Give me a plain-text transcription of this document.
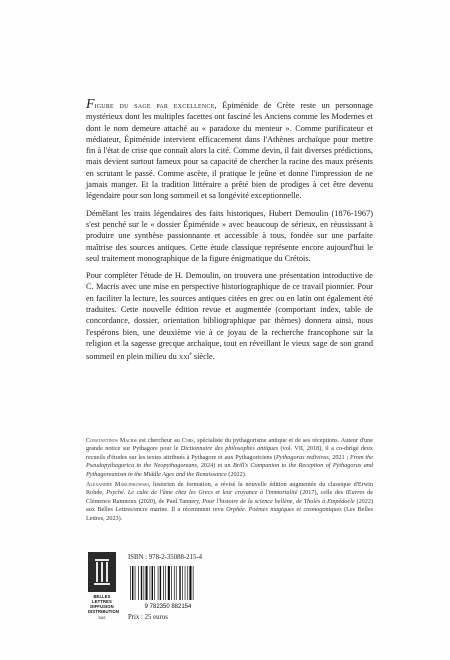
Figure du sage par excellence, Épiménide de Crète reste un personnage mystérieux dont les multiples facettes ont fasciné les Anciens comme les Modernes et dont le nom demeure attaché au « paradoxe du menteur ». Comme purificateur et médiateur, Épiménide intervient efficacement dans l'Athènes archaïque pour mettre fin à l'état de crise que connaît alors la cité. Comme devin, il fait diverses prédictions, mais devient surtout fameux pour sa capacité de chercher la racine des maux présents en scrutant le passé. Comme ascète, il pratique le jeûne et donne l'impression de ne jamais manger. Et la tradition littéraire a prêté bien de prodiges à cet être devenu légendaire pour son long sommeil et sa longévité exceptionnelle.

Démêlant les traits légendaires des faits historiques, Hubert Demoulin (1876-1967) s'est penché sur le « dossier Épiménide » avec beaucoup de sérieux, en réussissant à produire une synthèse passionnante et accessible à tous, fondée sur une parfaite maîtrise des sources antiques. Cette étude classique représente encore aujourd'hui le seul traitement monographique de la figure énigmatique du Crétois.

Pour compléter l'étude de H. Demoulin, on trouvera une présentation introductive de C. Macris avec une mise en perspective historiographique de ce travail pionnier. Pour en faciliter la lecture, les sources antiques citées en grec ou en latin ont également été traduites. Cette nouvelle édition revue et augmentée (comportant index, table de concordance, dossier, orientation bibliographique par thèmes) donnera ainsi, nous l'espérons bien, une deuxième vie à ce joyau de la recherche francophone sur la religion et la sagesse grecque archaïque, tout en réveillant le vieux sage de son grand sommeil en plein milieu du xxi$^e$ siècle.

Constantinos Macris est chercheur au Cnrs, spécialiste du pythagorisme antique et de ses réceptions. Auteur d'une grande notice sur Pythagore pour le Dictionnaire des philosophes antiques (vol. VII, 2018), il a co-dirigé deux recueils d'études sur les textes attribués à Pythagore et aux Pythagoriciens (Pythagoras redivivus, 2021 ; From the Pseudopythagorica to the Neopythagoreans, 2024) et un Brill's Companion to the Reception of Pythagoras and Pythagoreanism in the Middle Ages and the Renaissance (2022).

Alexandre Marcinkowski, historien de formation, a révisé la nouvelle édition augmentée du classique d'Erwin Rohde, Psyché. Le culte de l'âme chez les Grecs et leur croyance à l'immortalité (2017), celle des Œuvres de Clémence Ramnoux (2020), de Paul Tannery, Pour l'histoire de la science hellène, de Thalès à Empédocle (2022) aux Belles Lettres/encre marine. Il a récemment revu Orphée. Poèmes magiques et cosmogoniques (Les Belles Lettres, 2023).

BELLES LETTRES DIFFUSION DISTRIBUTION
SAS
ISBN : 978-2-35088-215-4
9 782350 882154
Prix : 25 euros
